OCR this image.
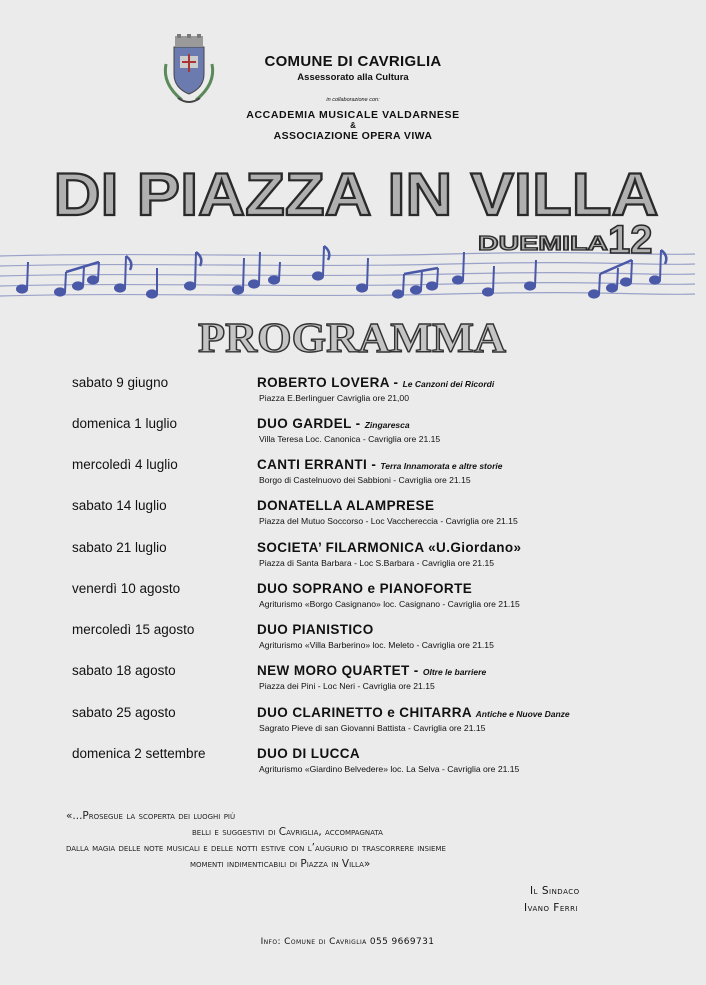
COMUNE DI CAVRIGLIA
Assessorato alla Cultura
in collaborazione con:
ACCADEMIA MUSICALE VALDARNESE
&
ASSOCIAZIONE OPERA VIWA
DI PIAZZA IN VILLA
DUEMILA 12
PROGRAMMA
sabato 9 giugno	ROBERTO LOVERA - Le Canzoni dei Ricordi
Piazza E.Berlinguer Cavriglia ore 21,00
domenica 1 luglio	DUO GARDEL - Zingaresca
Villa Teresa Loc. Canonica - Cavriglia ore 21.15
mercoledì 4 luglio	CANTI ERRANTI - Terra Innamorata e altre storie
Borgo di Castelnuovo dei Sabbioni - Cavriglia ore 21.15
sabato 14 luglio	DONATELLA ALAMPRESE
Piazza del Mutuo Soccorso - Loc Vacchereccia - Cavriglia ore 21.15
sabato 21 luglio	SOCIETA’ FILARMONICA «U.Giordano»
Piazza di Santa Barbara - Loc S.Barbara - Cavriglia ore 21.15
venerdì 10 agosto	DUO SOPRANO e PIANOFORTE
Agriturismo «Borgo Casignano» loc. Casignano - Cavriglia ore 21.15
mercoledì 15 agosto	DUO PIANISTICO
Agriturismo «Villa Barberino» loc. Meleto - Cavriglia ore 21.15
sabato 18 agosto	NEW MORO QUARTET - Oltre le barriere
Piazza dei Pini - Loc Neri - Cavriglia ore 21.15
sabato 25 agosto	DUO CLARINETTO e CHITARRA Antiche e Nuove Danze
Sagrato Pieve di san Giovanni Battista - Cavriglia ore 21.15
domenica 2 settembre	DUO DI LUCCA
Agriturismo «Giardino Belvedere» loc. La Selva - Cavriglia ore 21.15
«...Prosegue la scoperta dei luoghi più
belli e suggestivi di Cavriglia, accompagnata
dalla magia delle note musicali e delle notti estive con l’augurio di trascorrere insieme
momenti indimenticabili di Piazza in Villa»
Il Sindaco
Ivano Ferri
Info: Comune di Cavriglia 055 9669731
